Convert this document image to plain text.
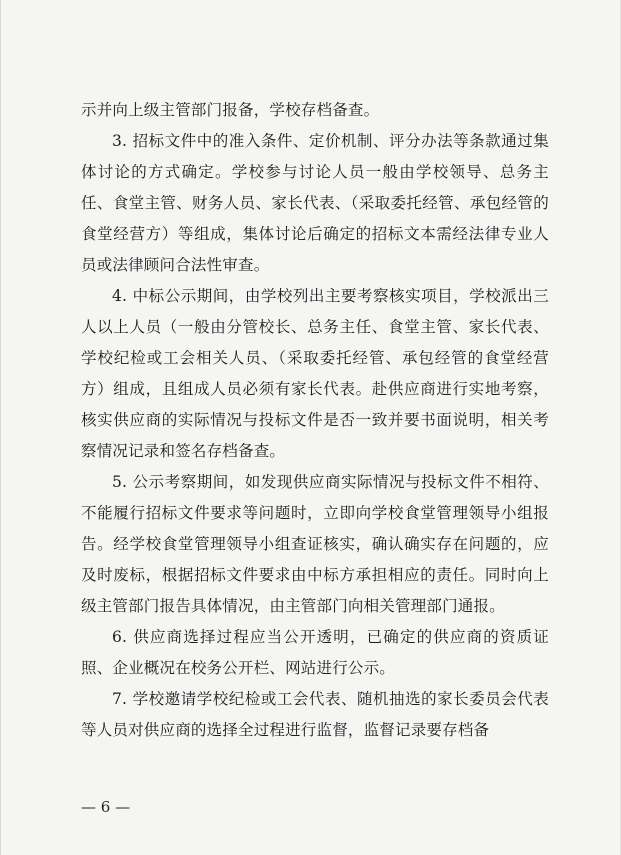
示并向上级主管部门报备，学校存档备查。

3. 招标文件中的准入条件、定价机制、评分办法等条款通过集体讨论的方式确定。学校参与讨论人员一般由学校领导、总务主任、食堂主管、财务人员、家长代表、（采取委托经管、承包经管的食堂经营方）等组成，集体讨论后确定的招标文本需经法律专业人员或法律顾问合法性审查。

4. 中标公示期间，由学校列出主要考察核实项目，学校派出三人以上人员（一般由分管校长、总务主任、食堂主管、家长代表、学校纪检或工会相关人员、（采取委托经管、承包经管的食堂经营方）组成，且组成人员必须有家长代表。赴供应商进行实地考察，核实供应商的实际情况与投标文件是否一致并要书面说明，相关考察情况记录和签名存档备查。

5. 公示考察期间，如发现供应商实际情况与投标文件不相符、不能履行招标文件要求等问题时，立即向学校食堂管理领导小组报告。经学校食堂管理领导小组查证核实，确认确实存在问题的，应及时废标，根据招标文件要求由中标方承担相应的责任。同时向上级主管部门报告具体情况，由主管部门向相关管理部门通报。

6. 供应商选择过程应当公开透明，已确定的供应商的资质证照、企业概况在校务公开栏、网站进行公示。

7. 学校邀请学校纪检或工会代表、随机抽选的家长委员会代表等人员对供应商的选择全过程进行监督，监督记录要存档备

— 6 —
